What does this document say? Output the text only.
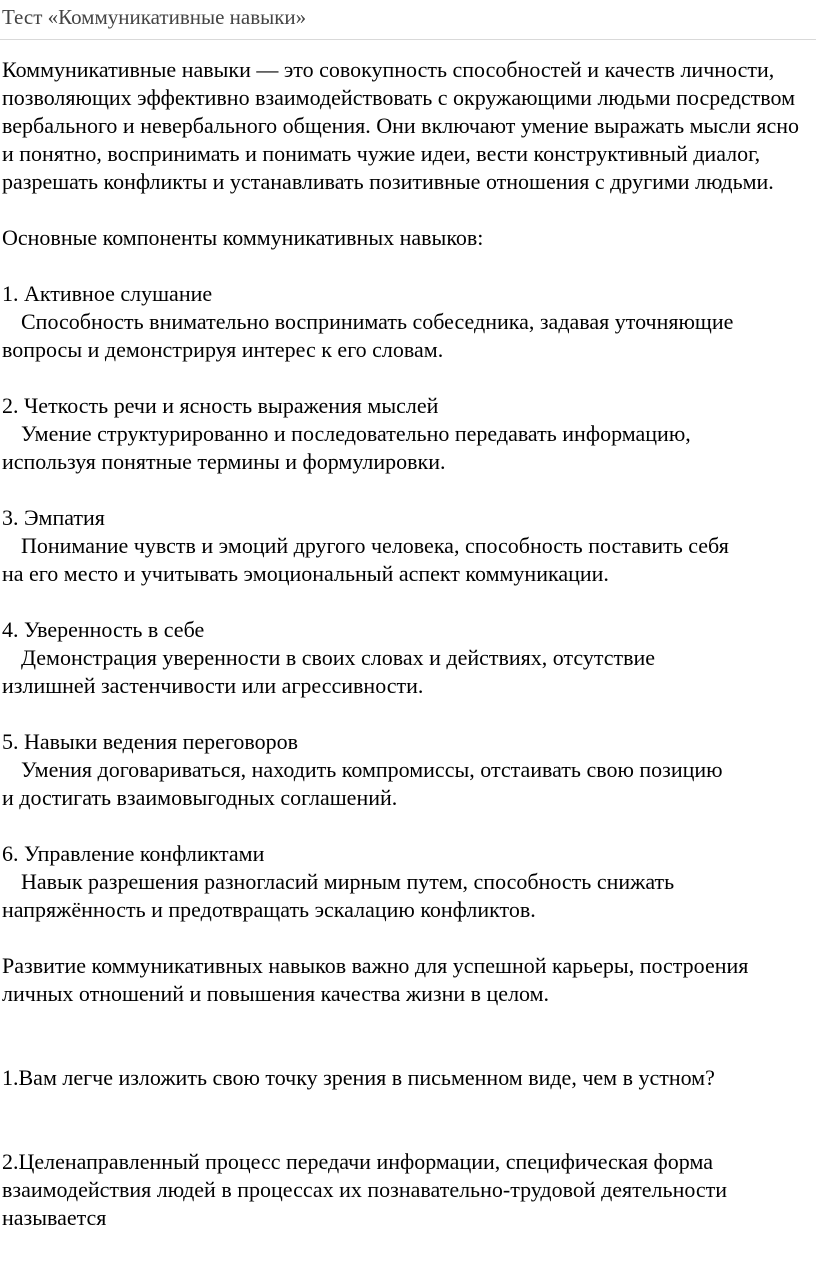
Тест «Коммуникативные навыки»

Коммуникативные навыки — это совокупность способностей и качеств личности, позволяющих эффективно взаимодействовать с окружающими людьми посредством вербального и невербального общения. Они включают умение выражать мысли ясно и понятно, воспринимать и понимать чужие идеи, вести конструктивный диалог, разрешать конфликты и устанавливать позитивные отношения с другими людьми.

Основные компоненты коммуникативных навыков:

1. Активное слушание
Способность внимательно воспринимать собеседника, задавая уточняющие
вопросы и демонстрируя интерес к его словам.
2. Четкость речи и ясность выражения мыслей
Умение структурированно и последовательно передавать информацию,
используя понятные термины и формулировки.
3. Эмпатия
Понимание чувств и эмоций другого человека, способность поставить себя
на его место и учитывать эмоциональный аспект коммуникации.
4. Уверенность в себе
Демонстрация уверенности в своих словах и действиях, отсутствие
излишней застенчивости или агрессивности.
5. Навыки ведения переговоров
Умения договариваться, находить компромиссы, отстаивать свою позицию
и достигать взаимовыгодных соглашений.
6. Управление конфликтами
Навык разрешения разногласий мирным путем, способность снижать
напряжённость и предотвращать эскалацию конфликтов.

Развитие коммуникативных навыков важно для успешной карьеры, построения личных отношений и повышения качества жизни в целом.

1.Вам легче изложить свою точку зрения в письменном виде, чем в устном?

2.Целенаправленный процесс передачи информации, специфическая форма взаимодействия людей в процессах их познавательно-трудовой деятельности называется
